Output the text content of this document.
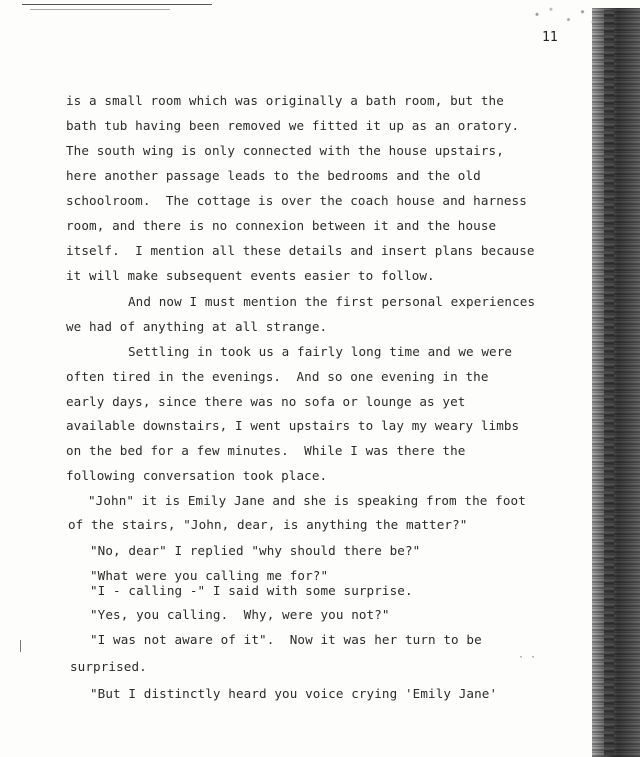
11
is a small room which was originally a bath room, but the
bath tub having been removed we fitted it up as an oratory.
The south wing is only connected with the house upstairs,
here another passage leads to the bedrooms and the old
schoolroom.  The cottage is over the coach house and harness
room, and there is no connexion between it and the house
itself.  I mention all these details and insert plans because
it will make subsequent events easier to follow.
And now I must mention the first personal experiences
we had of anything at all strange.
Settling in took us a fairly long time and we were
often tired in the evenings.  And so one evening in the
early days, since there was no sofa or lounge as yet
available downstairs, I went upstairs to lay my weary limbs
on the bed for a few minutes.  While I was there the
following conversation took place.
"John" it is Emily Jane and she is speaking from the foot
of the stairs, "John, dear, is anything the matter?"
"No, dear" I replied "why should there be?"
"What were you calling me for?"
"I - calling -" I said with some surprise.
"Yes, you calling.  Why, were you not?"
"I was not aware of it".  Now it was her turn to be
surprised.
"But I distinctly heard you voice crying 'Emily Jane'
· ·
